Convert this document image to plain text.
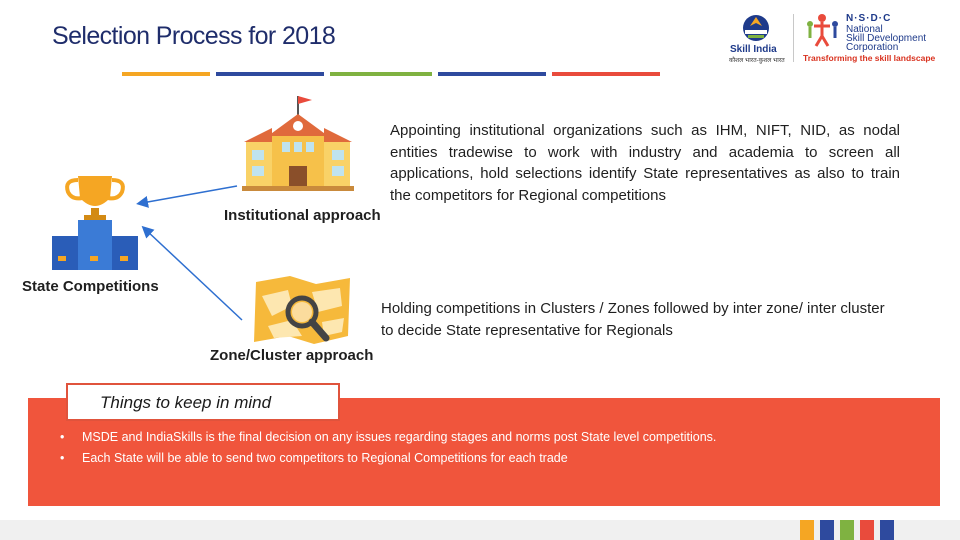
Selection Process for 2018	Skill India
कौशल भारत-कुशल भारत
N·S·D·C
National
Skill Development
Corporation
Transforming the skill landscape
State Competitions
Institutional approach
Appointing institutional organizations such as IHM, NIFT, NID, as nodal entities tradewise to work with industry and academia to screen all applications, hold selections identify State representatives as also to train the competitors for Regional competitions
Zone/Cluster approach
Holding competitions in Clusters / Zones followed by inter zone/ inter cluster to decide State representative for Regionals
Things to keep in mind
• MSDE and IndiaSkills is the final decision on any issues regarding stages and norms post State level competitions.
• Each State will be able to send two competitors to Regional Competitions for each trade
